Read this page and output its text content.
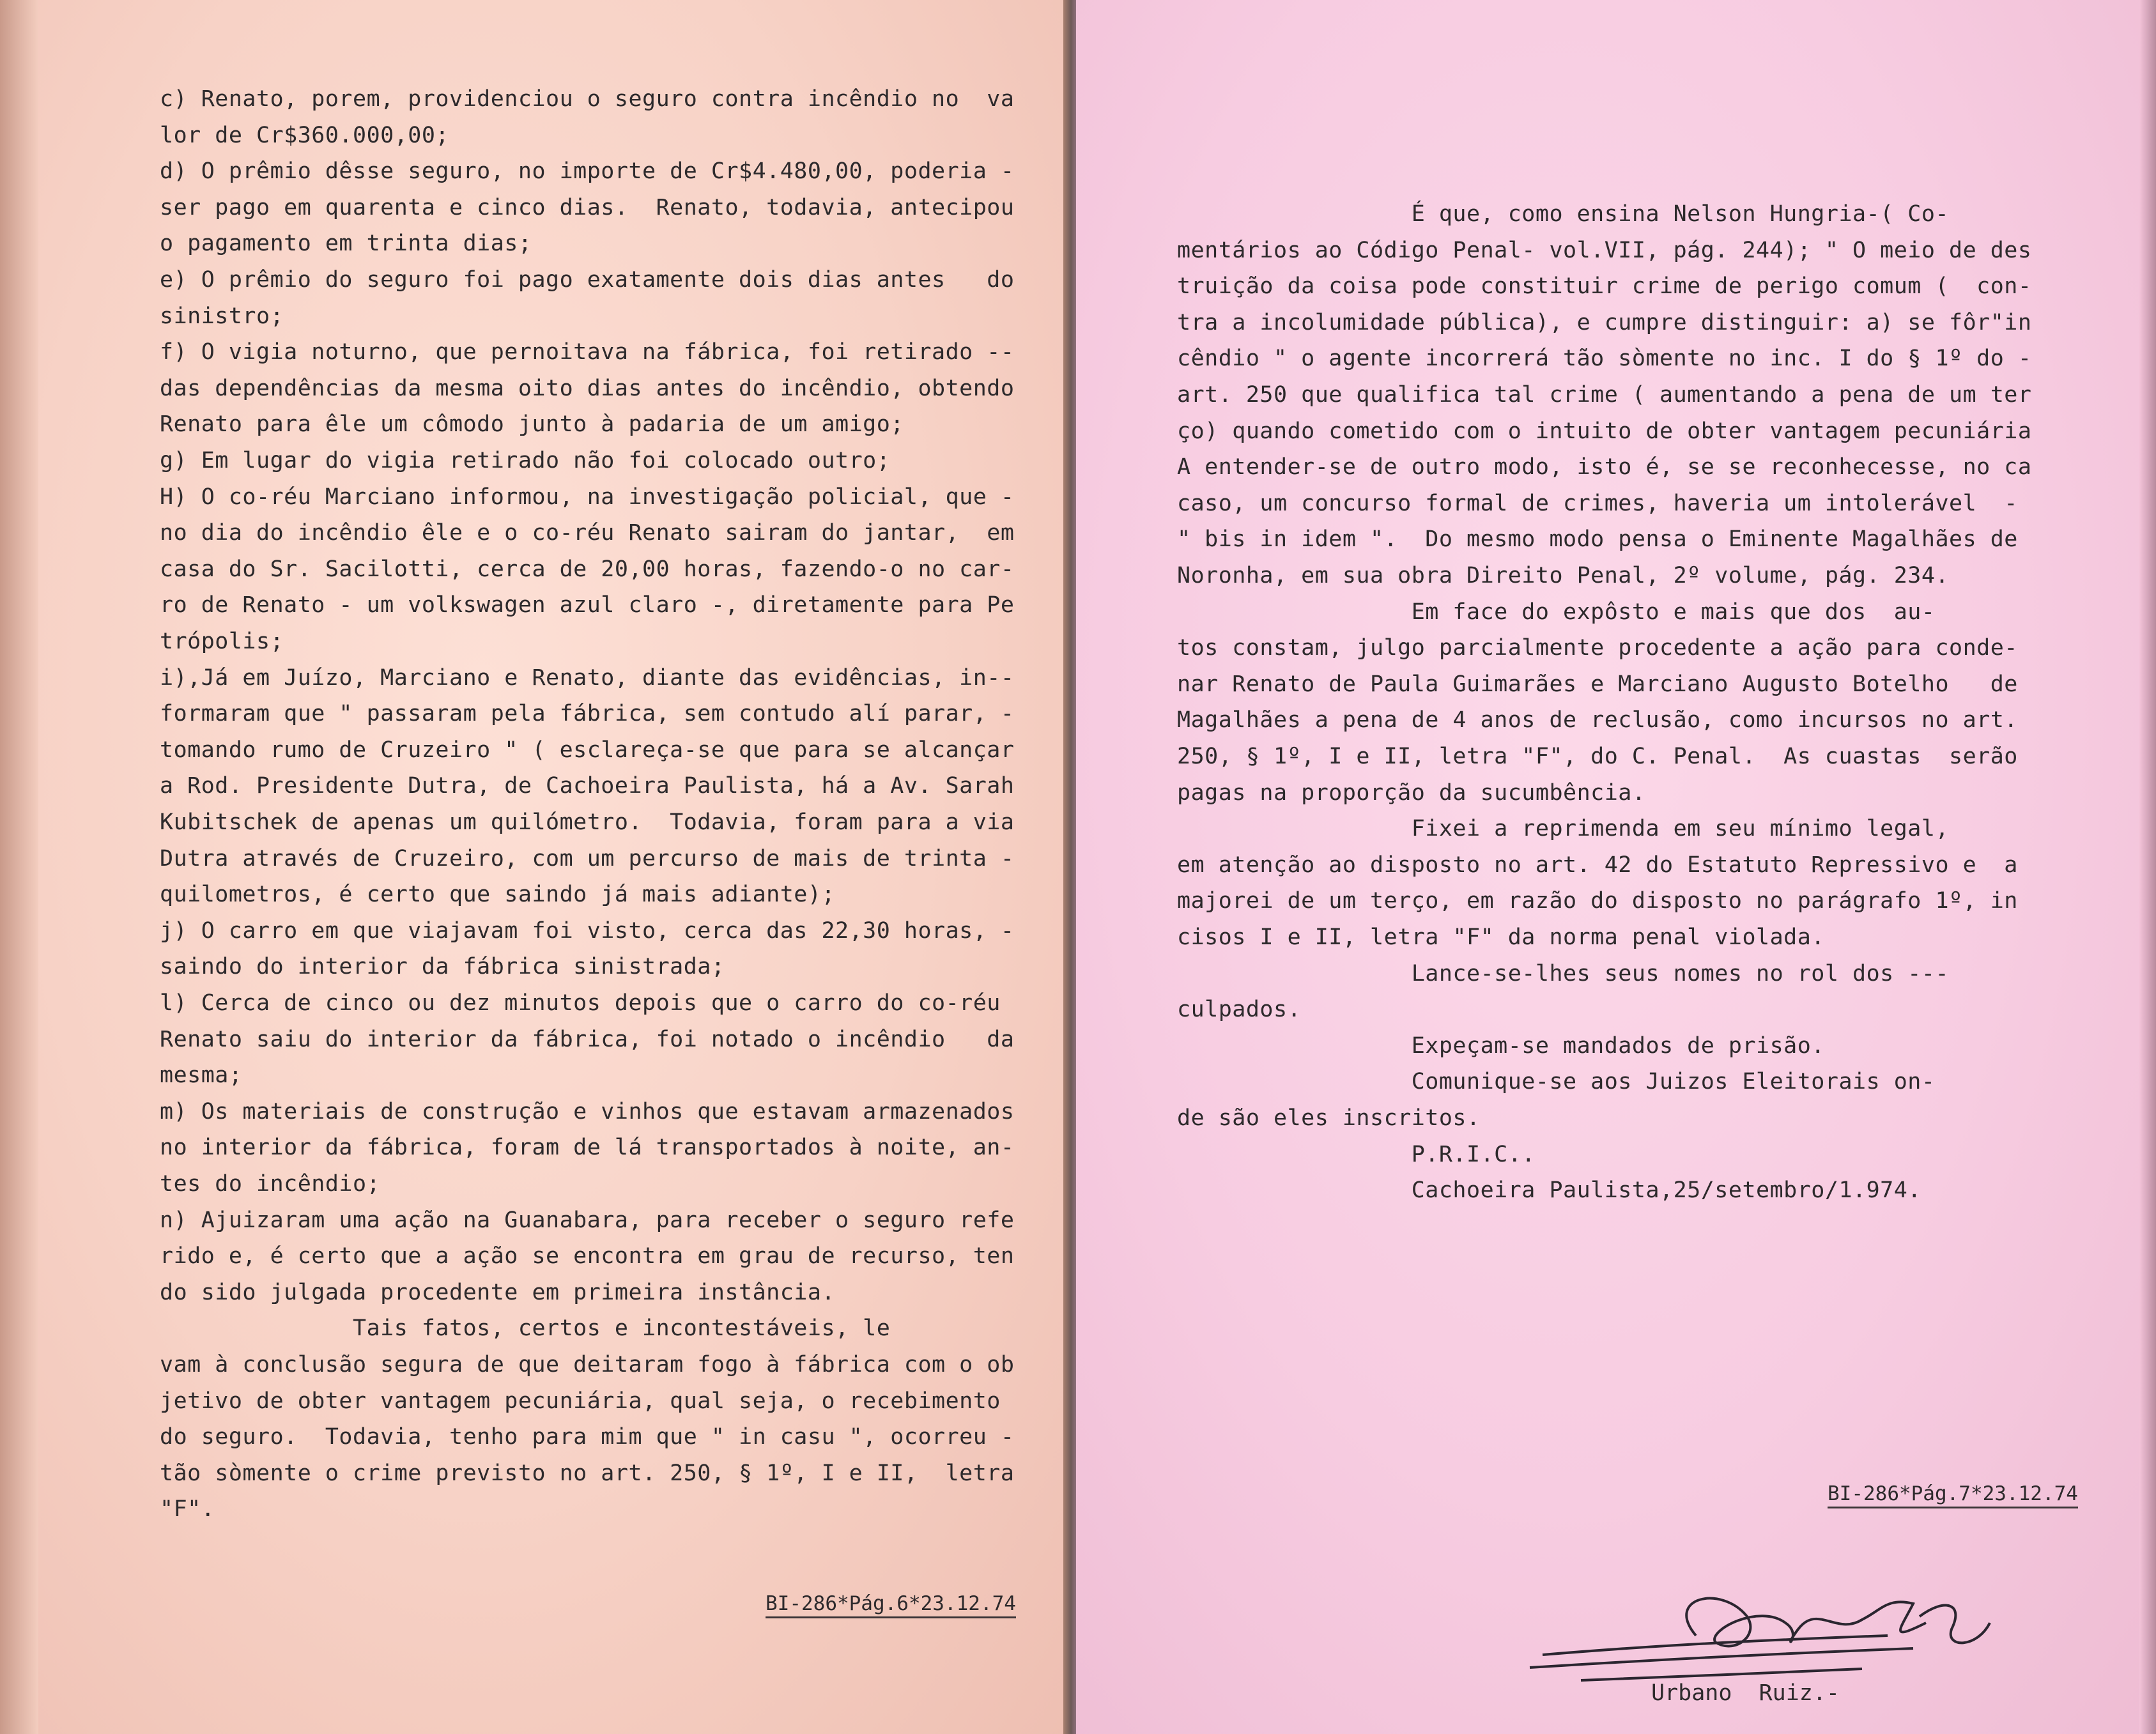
c) Renato, porem, providenciou o seguro contra incêndio no  va
lor de Cr$360.000,00;
d) O prêmio dêsse seguro, no importe de Cr$4.480,00, poderia -
ser pago em quarenta e cinco dias.  Renato, todavia, antecipou
o pagamento em trinta dias;
e) O prêmio do seguro foi pago exatamente dois dias antes   do
sinistro;
f) O vigia noturno, que pernoitava na fábrica, foi retirado --
das dependências da mesma oito dias antes do incêndio, obtendo
Renato para êle um cômodo junto à padaria de um amigo;
g) Em lugar do vigia retirado não foi colocado outro;
H) O co-réu Marciano informou, na investigação policial, que -
no dia do incêndio êle e o co-réu Renato sairam do jantar,  em
casa do Sr. Sacilotti, cerca de 20,00 horas, fazendo-o no car-
ro de Renato - um volkswagen azul claro -, diretamente para Pe
trópolis;
i),Já em Juízo, Marciano e Renato, diante das evidências, in--
formaram que " passaram pela fábrica, sem contudo alí parar, -
tomando rumo de Cruzeiro " ( esclareça-se que para se alcançar
a Rod. Presidente Dutra, de Cachoeira Paulista, há a Av. Sarah
Kubitschek de apenas um quilómetro.  Todavia, foram para a via
Dutra através de Cruzeiro, com um percurso de mais de trinta -
quilometros, é certo que saindo já mais adiante);
j) O carro em que viajavam foi visto, cerca das 22,30 horas, -
saindo do interior da fábrica sinistrada;
l) Cerca de cinco ou dez minutos depois que o carro do co-réu
Renato saiu do interior da fábrica, foi notado o incêndio   da
mesma;
m) Os materiais de construção e vinhos que estavam armazenados
no interior da fábrica, foram de lá transportados à noite, an-
tes do incêndio;
n) Ajuizaram uma ação na Guanabara, para receber o seguro refe
rido e, é certo que a ação se encontra em grau de recurso, ten
do sido julgada procedente em primeira instância.
Tais fatos, certos e incontestáveis, le
vam à conclusão segura de que deitaram fogo à fábrica com o ob
jetivo de obter vantagem pecuniária, qual seja, o recebimento
do seguro.  Todavia, tenho para mim que " in casu ", ocorreu -
tão sòmente o crime previsto no art. 250, § 1º, I e II,  letra
"F".
BI-286*Pág.6*23.12.74
É que, como ensina Nelson Hungria-( Co-
mentários ao Código Penal- vol.VII, pág. 244); " O meio de des
truição da coisa pode constituir crime de perigo comum (  con-
tra a incolumidade pública), e cumpre distinguir: a) se fôr"in
cêndio " o agente incorrerá tão sòmente no inc. I do § 1º do -
art. 250 que qualifica tal crime ( aumentando a pena de um ter
ço) quando cometido com o intuito de obter vantagem pecuniária
A entender-se de outro modo, isto é, se se reconhecesse, no ca
caso, um concurso formal de crimes, haveria um intolerável  -
" bis in idem ".  Do mesmo modo pensa o Eminente Magalhães de
Noronha, em sua obra Direito Penal, 2º volume, pág. 234.
Em face do expôsto e mais que dos  au-
tos constam, julgo parcialmente procedente a ação para conde-
nar Renato de Paula Guimarães e Marciano Augusto Botelho   de
Magalhães a pena de 4 anos de reclusão, como incursos no art.
250, § 1º, I e II, letra "F", do C. Penal.  As cuastas  serão
pagas na proporção da sucumbência.
Fixei a reprimenda em seu mínimo legal,
em atenção ao disposto no art. 42 do Estatuto Repressivo e  a
majorei de um terço, em razão do disposto no parágrafo 1º, in
cisos I e II, letra "F" da norma penal violada.
Lance-se-lhes seus nomes no rol dos ---
culpados.
Expeçam-se mandados de prisão.
Comunique-se aos Juizos Eleitorais on-
de são eles inscritos.
P.R.I.C..
Cachoeira Paulista,25/setembro/1.974.
Urbano  Ruiz.-
BI-286*Pág.7*23.12.74
